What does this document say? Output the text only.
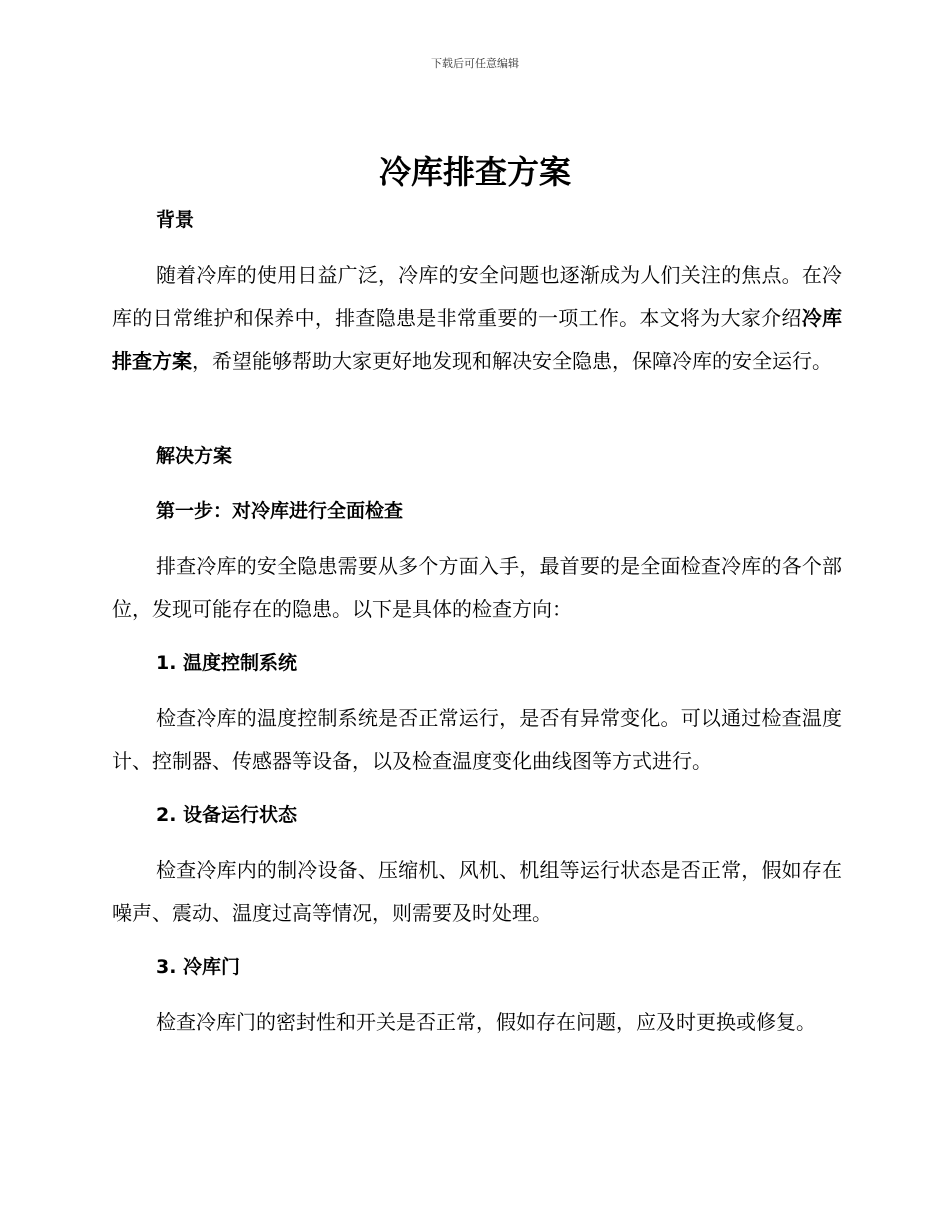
下载后可任意编辑
冷库排查方案
背景

随着冷库的使用日益广泛，冷库的安全问题也逐渐成为人们关注的焦点。在冷库的日常维护和保养中，排查隐患是非常重要的一项工作。本文将为大家介绍冷库排查方案，希望能够帮助大家更好地发现和解决安全隐患，保障冷库的安全运行。

解决方案
第一步：对冷库进行全面检查

排查冷库的安全隐患需要从多个方面入手，最首要的是全面检查冷库的各个部位，发现可能存在的隐患。以下是具体的检查方向：

1. 温度控制系统

检查冷库的温度控制系统是否正常运行，是否有异常变化。可以通过检查温度计、控制器、传感器等设备，以及检查温度变化曲线图等方式进行。

2. 设备运行状态

检查冷库内的制冷设备、压缩机、风机、机组等运行状态是否正常，假如存在噪声、震动、温度过高等情况，则需要及时处理。

3. 冷库门

检查冷库门的密封性和开关是否正常，假如存在问题，应及时更换或修复。
